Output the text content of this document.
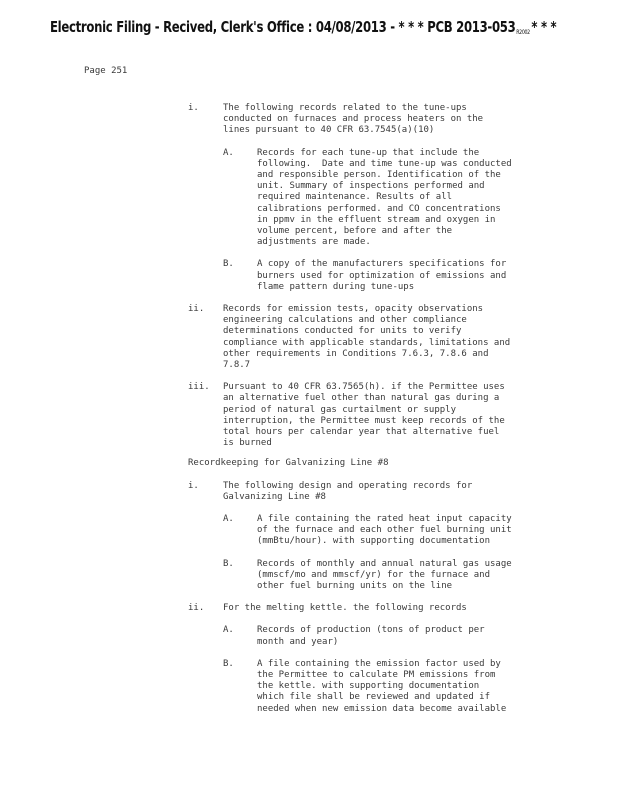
Electronic Filing - Recived, Clerk's Office : 04/08/2013 - * * * PCB 2013-053R2002 * * *
Page 251
i.	The following records related to the tune-ups
conducted on furnaces and process heaters on the
lines pursuant to 40 CFR 63.7545(a)(10)
A.	Records for each tune-up that include the
following.  Date and time tune-up was conducted
and responsible person. Identification of the
unit. Summary of inspections performed and
required maintenance. Results of all
calibrations performed. and CO concentrations
in ppmv in the effluent stream and oxygen in
volume percent, before and after the
adjustments are made.
B.	A copy of the manufacturers specifications for
burners used for optimization of emissions and
flame pattern during tune-ups
ii. Records for emission tests, opacity observations
engineering calculations and other compliance
determinations conducted for units to verify
compliance with applicable standards, limitations and
other requirements in Conditions 7.6.3, 7.8.6 and
7.8.7
iii. Pursuant to 40 CFR 63.7565(h). if the Permittee uses
an alternative fuel other than natural gas during a
period of natural gas curtailment or supply
interruption, the Permittee must keep records of the
total hours per calendar year that alternative fuel
is burned
Recordkeeping for Galvanizing Line #8
i.	The following design and operating records for
Galvanizing Line #8
A.	A file containing the rated heat input capacity
of the furnace and each other fuel burning unit
(mmBtu/hour). with supporting documentation
B.	Records of monthly and annual natural gas usage
(mmscf/mo and mmscf/yr) for the furnace and
other fuel burning units on the line
ii. For the melting kettle. the following records
A.	Records of production (tons of product per
month and year)
B.	A file containing the emission factor used by
the Permittee to calculate PM emissions from
the kettle. with supporting documentation
which file shall be reviewed and updated if
needed when new emission data become available
